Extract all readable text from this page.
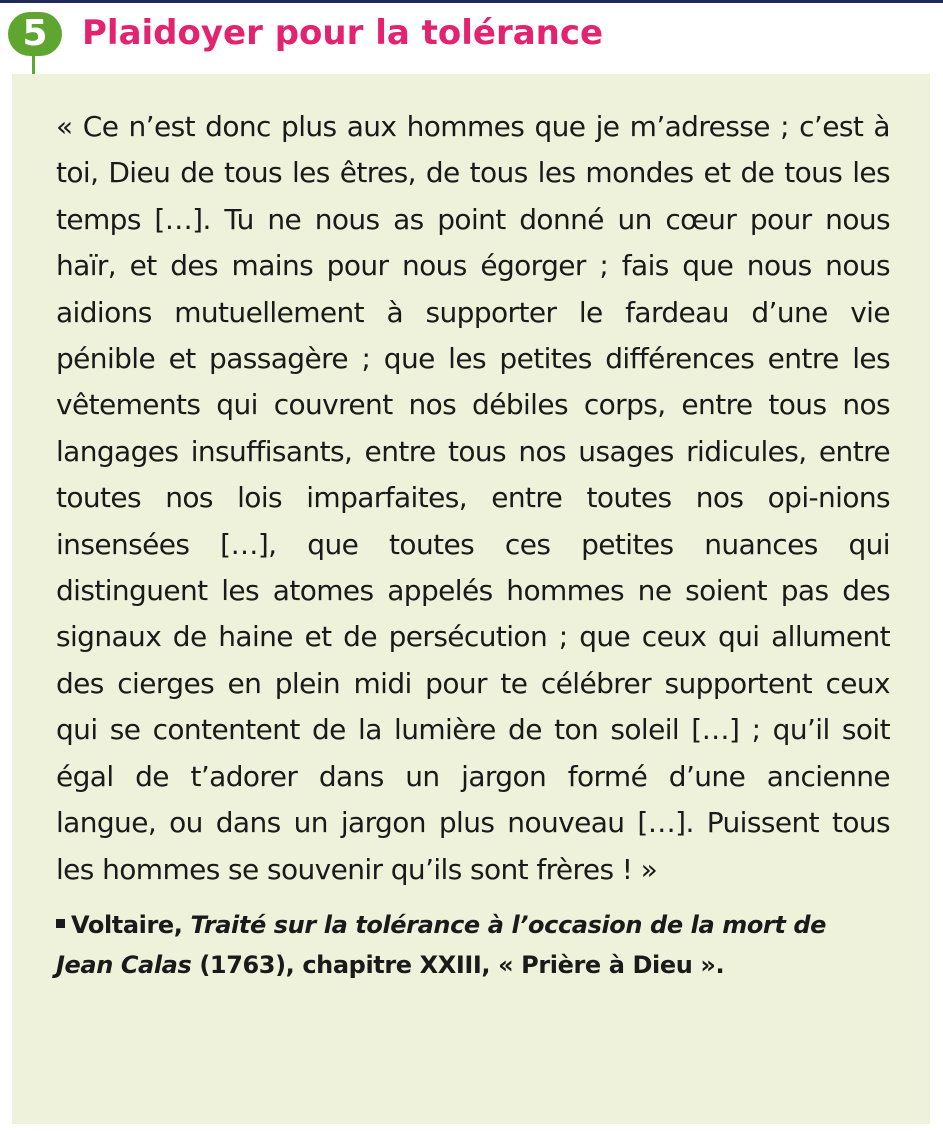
5	Plaidoyer pour la tolérance

« Ce n’est donc plus aux hommes que je m’adresse ; c’est à toi, Dieu de tous les êtres, de tous les mondes et de tous les temps […]. Tu ne nous as point donné un cœur pour nous haïr, et des mains pour nous égorger ; fais que nous nous aidions mutuellement à supporter le fardeau d’une vie pénible et passagère ; que les petites différences entre les vêtements qui couvrent nos débiles corps, entre tous nos langages insuffisants, entre tous nos usages ridicules, entre toutes nos lois imparfaites, entre toutes nos opi-nions insensées […], que toutes ces petites nuances qui distinguent les atomes appelés hommes ne soient pas des signaux de haine et de persécution ; que ceux qui allument des cierges en plein midi pour te célébrer supportent ceux qui se contentent de la lumière de ton soleil […] ; qu’il soit égal de t’adorer dans un jargon formé d’une ancienne langue, ou dans un jargon plus nouveau […]. Puissent tous les hommes se souvenir qu’ils sont frères ! »

Voltaire, Traité sur la tolérance à l’occasion de la mort de Jean Calas (1763), chapitre XXIII, « Prière à Dieu ».
